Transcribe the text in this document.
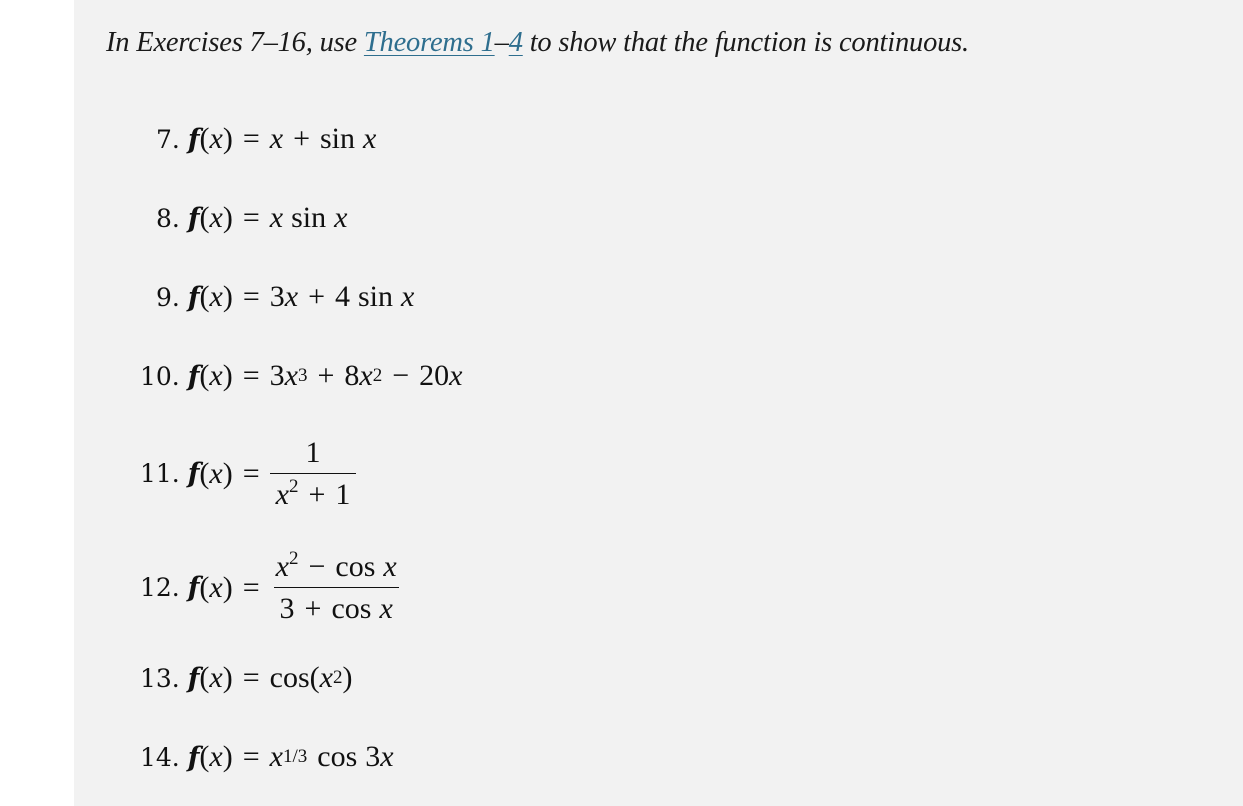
In Exercises 7–16, use Theorems 1–4 to show that the function is continuous.
7. f ( x ) = x + sin x
8. f ( x ) = x sin x
9. f ( x ) = 3 x + 4 sin x
10. f ( x ) = 3 x 3 + 8 x 2 − 20 x
11. f ( x ) = $\frac{1}{x^2 + 1}$
12. f ( x ) = $\frac{x^2 - \cos x}{\text{3 + cos x}}$
13. f ( x ) = cos( x 2 )
14. f ( x ) = x 1/3 cos 3 x
